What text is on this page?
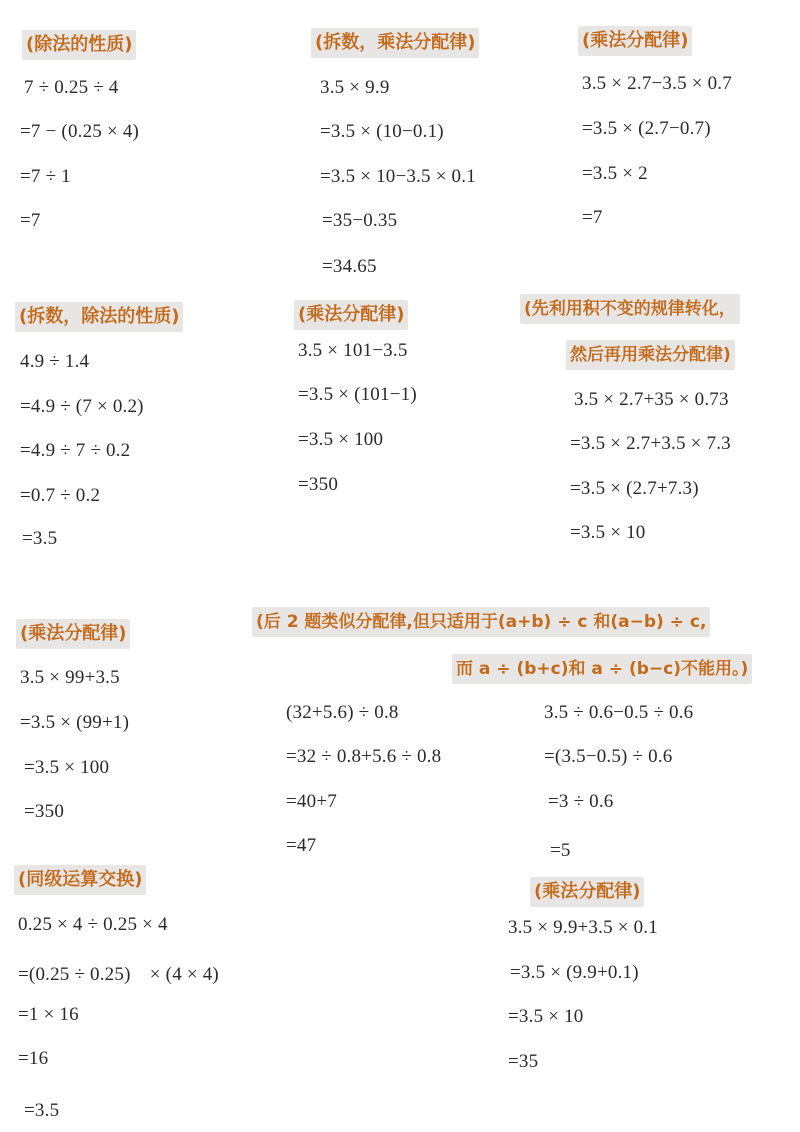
(除法的性质)
7 ÷ 0.25 ÷ 4
=7 − (0.25 × 4)
=7 ÷ 1
=7
(拆数，乘法分配律)
3.5 × 9.9
=3.5 × (10−0.1)
=3.5 × 10−3.5 × 0.1
=35−0.35
=34.65
(乘法分配律)
3.5 × 2.7−3.5 × 0.7
=3.5 × (2.7−0.7)
=3.5 × 2
=7
(拆数，除法的性质)
4.9 ÷ 1.4
=4.9 ÷ (7 × 0.2)
=4.9 ÷ 7 ÷ 0.2
=0.7 ÷ 0.2
=3.5
(乘法分配律)
3.5 × 101−3.5
=3.5 × (101−1)
=3.5 × 100
=350
(先利用积不变的规律转化，
然后再用乘法分配律)
3.5 × 2.7+35 × 0.73
=3.5 × 2.7+3.5 × 7.3
=3.5 × (2.7+7.3)
=3.5 × 10
(乘法分配律)
3.5 × 99+3.5
=3.5 × (99+1)
=3.5 × 100
=350
(后 2 题类似分配律,但只适用于(a+b) ÷ c 和(a−b) ÷ c,
而 a ÷ (b+c)和 a ÷ (b−c)不能用。)
(32+5.6) ÷ 0.8
=32 ÷ 0.8+5.6 ÷ 0.8
=40+7
=47
3.5 ÷ 0.6−0.5 ÷ 0.6
=(3.5−0.5) ÷ 0.6
=3 ÷ 0.6
=5
(同级运算交换)
0.25 × 4 ÷ 0.25 × 4
=(0.25 ÷ 0.25)　× (4 × 4)
=1 × 16
=16
=3.5
(乘法分配律)
3.5 × 9.9+3.5 × 0.1
=3.5 × (9.9+0.1)
=3.5 × 10
=35
